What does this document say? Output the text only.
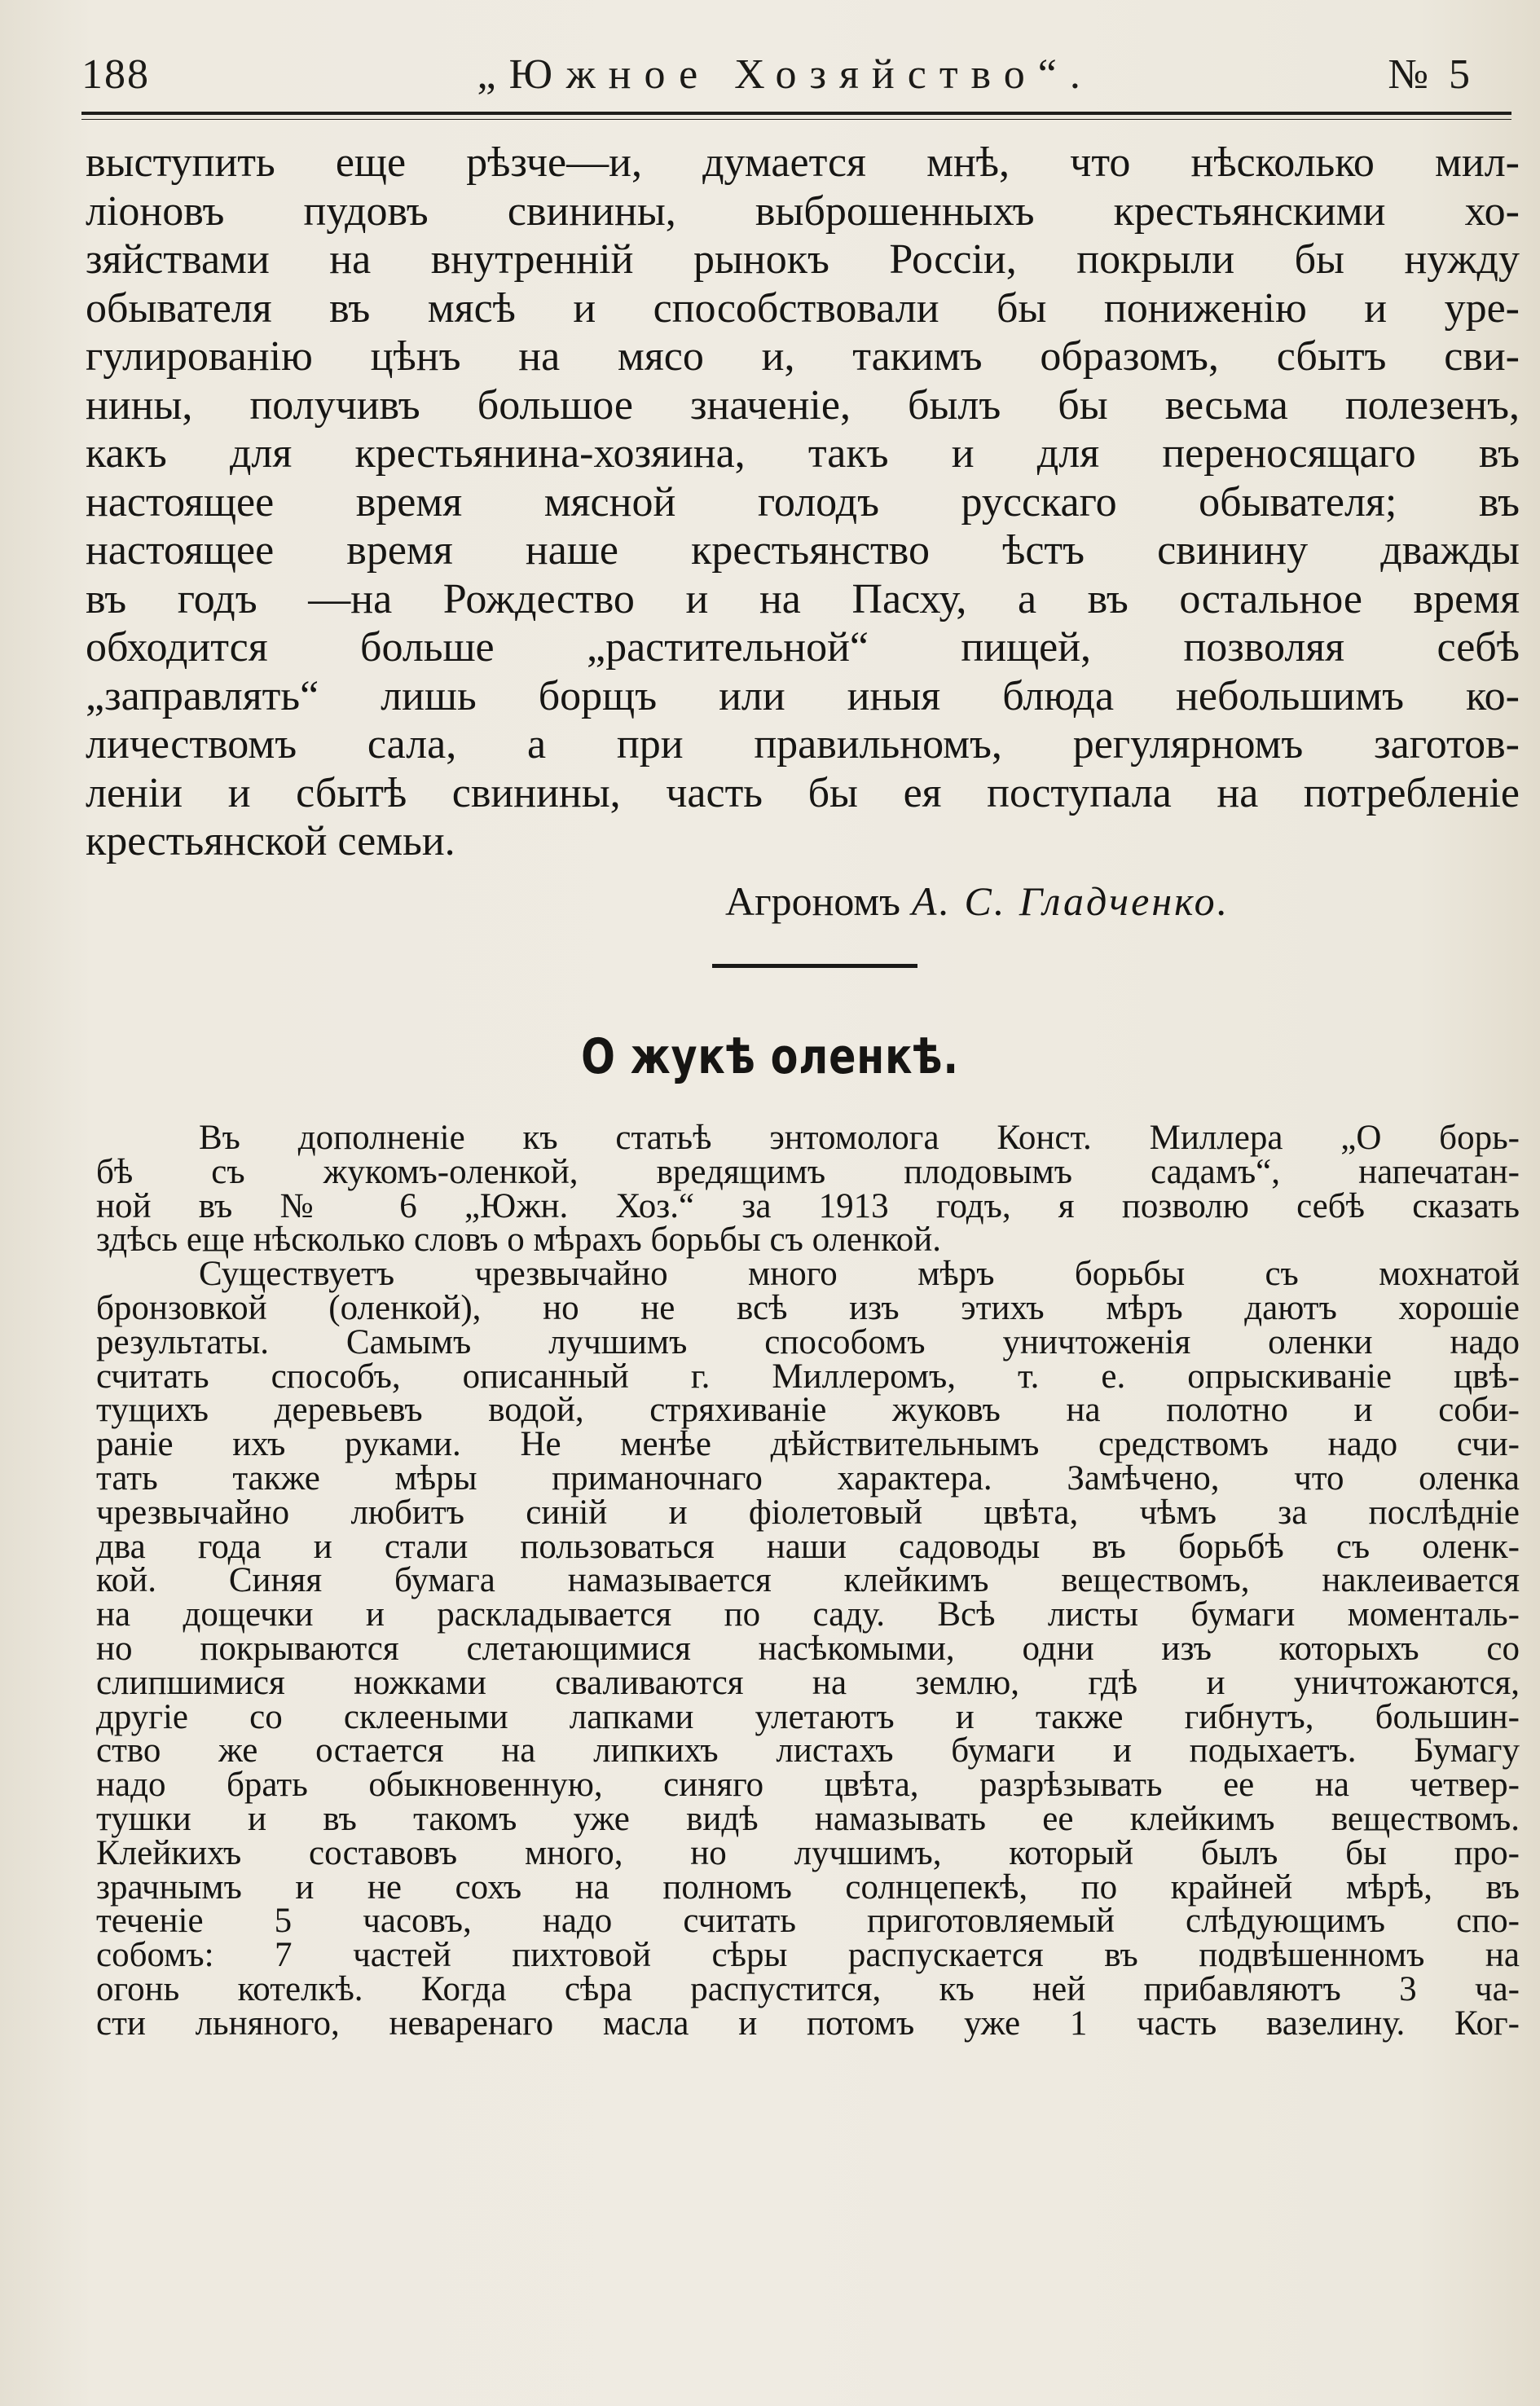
188	„Южное Хозяйство“.	№ 5

выступить еще рѣзче—и, думается мнѣ, что нѣсколько мил-
ліоновъ пудовъ свинины, выброшенныхъ крестьянскими хо-
зяйствами на внутренній рынокъ Россіи, покрыли бы нужду
обывателя въ мясѣ и способствовали бы пониженію и уре-
гулированію цѣнъ на мясо и, такимъ образомъ, сбытъ сви-
нины, получивъ большое значеніе, былъ бы весьма полезенъ,
какъ для крестьянина-хозяина, такъ и для переносящаго въ
настоящее время мясной голодъ русскаго обывателя; въ
настоящее время наше крестьянство ѣстъ свинину дважды
въ годъ —на Рождество и на Пасху, а въ остальное время
обходится больше „растительной“ пищей, позволяя себѣ
„заправлять“ лишь борщъ или иныя блюда небольшимъ ко-
личествомъ сала, а при правильномъ, регулярномъ заготов-
леніи и сбытѣ свинины, часть бы ея поступала на потребленіе
крестьянской семьи.

Агрономъ А. С. Гладченко.
О жукѣ оленкѣ.

Въ дополненіе къ статьѣ энтомолога Конст. Миллера „О борь-
бѣ съ жукомъ-оленкой, вредящимъ плодовымъ садамъ“, напечатан-
ной въ № 6 „Южн. Хоз.“ за 1913 годъ, я позволю себѣ сказать
здѣсь еще нѣсколько словъ о мѣрахъ борьбы съ оленкой.

Существуетъ чрезвычайно много мѣръ борьбы съ мохнатой
бронзовкой (оленкой), но не всѣ изъ этихъ мѣръ даютъ хорошіе
результаты. Самымъ лучшимъ способомъ уничтоженія оленки надо
считать способъ, описанный г. Миллеромъ, т. е. опрыскиваніе цвѣ-
тущихъ деревьевъ водой, стряхиваніе жуковъ на полотно и соби-
раніе ихъ руками. Не менѣе дѣйствительнымъ средствомъ надо счи-
тать также мѣры приманочнаго характера. Замѣчено, что оленка
чрезвычайно любитъ синій и фіолетовый цвѣта, чѣмъ за послѣдніе
два года и стали пользоваться наши садоводы въ борьбѣ съ оленк-
кой. Синяя бумага намазывается клейкимъ веществомъ, наклеивается
на дощечки и раскладывается по саду. Всѣ листы бумаги моменталь-
но покрываются слетающимися насѣкомыми, одни изъ которыхъ со
слипшимися ножками сваливаются на землю, гдѣ и уничтожаются,
другіе со склееными лапками улетаютъ и также гибнутъ, большин-
ство же остается на липкихъ листахъ бумаги и подыхаетъ. Бумагу
надо брать обыкновенную, синяго цвѣта, разрѣзывать ее на четвер-
тушки и въ такомъ уже видѣ намазывать ее клейкимъ веществомъ.
Клейкихъ составовъ много, но лучшимъ, который былъ бы про-
зрачнымъ и не сохъ на полномъ солнцепекѣ, по крайней мѣрѣ, въ
теченіе 5 часовъ, надо считать приготовляемый слѣдующимъ спо-
собомъ: 7 частей пихтовой сѣры распускается въ подвѣшенномъ на
огонь котелкѣ. Когда сѣра распустится, къ ней прибавляютъ 3 ча-
сти льняного, неваренаго масла и потомъ уже 1 часть вазелину. Ког-
